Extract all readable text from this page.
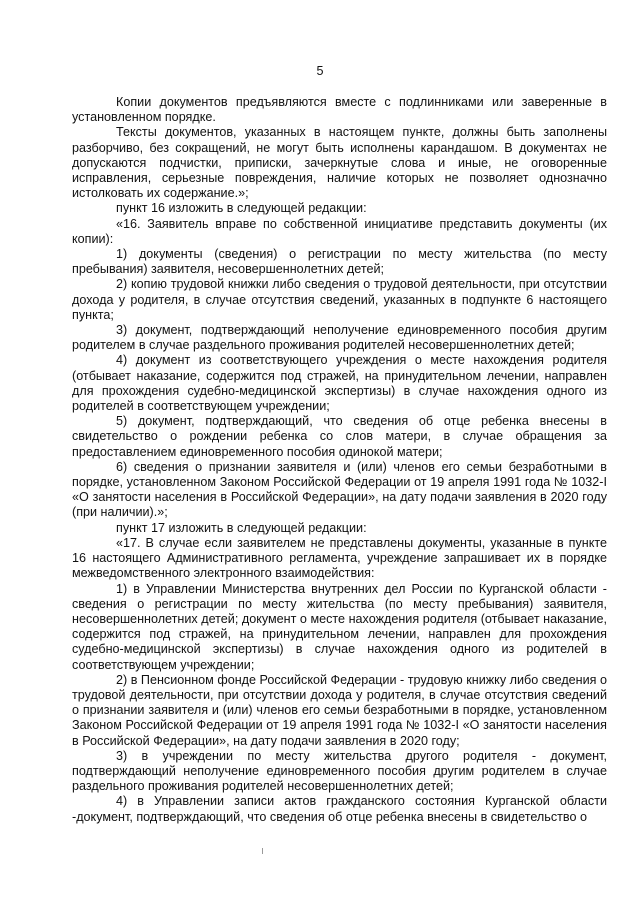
5

Копии документов предъявляются вместе с подлинниками или заверенные в установленном порядке.

Тексты документов, указанных в настоящем пункте, должны быть заполнены разборчиво, без сокращений, не могут быть исполнены карандашом. В документах не допускаются подчистки, приписки, зачеркнутые слова и иные, не оговоренные исправления, серьезные повреждения, наличие которых не позволяет однозначно истолковать их содержание.»;

пункт 16 изложить в следующей редакции:

«16. Заявитель вправе по собственной инициативе представить документы (их копии):

1) документы (сведения) о регистрации по месту жительства (по месту пребывания) заявителя, несовершеннолетних детей;

2) копию трудовой книжки либо сведения о трудовой деятельности, при отсутствии дохода у родителя, в случае отсутствия сведений, указанных в подпункте 6 настоящего пункта;

3) документ, подтверждающий неполучение единовременного пособия другим родителем в случае раздельного проживания родителей несовершеннолетних детей;

4) документ из соответствующего учреждения о месте нахождения родителя (отбывает наказание, содержится под стражей, на принудительном лечении, направлен для прохождения судебно-медицинской экспертизы) в случае нахождения одного из родителей в соответствующем учреждении;

5) документ, подтверждающий, что сведения об отце ребенка внесены в свидетельство о рождении ребенка со слов матери, в случае обращения за предоставлением единовременного пособия одинокой матери;

6) сведения о признании заявителя и (или) членов его семьи безработными в порядке, установленном Законом Российской Федерации от 19 апреля 1991 года № 1032-I «О занятости населения в Российской Федерации», на дату подачи заявления в 2020 году (при наличии).»;

пункт 17 изложить в следующей редакции:

«17. В случае если заявителем не представлены документы, указанные в пункте 16 настоящего Административного регламента, учреждение запрашивает их в порядке межведомственного электронного взаимодействия:

1) в Управлении Министерства внутренних дел России по Курганской области - сведения о регистрации по месту жительства (по месту пребывания) заявителя, несовершеннолетних детей; документ о месте нахождения родителя (отбывает наказание, содержится под стражей, на принудительном лечении, направлен для прохождения судебно-медицинской экспертизы) в случае нахождения одного из родителей в соответствующем учреждении;

2) в Пенсионном фонде Российской Федерации - трудовую книжку либо сведения о трудовой деятельности, при отсутствии дохода у родителя, в случае отсутствия сведений о признании заявителя и (или) членов его семьи безработными в порядке, установленном Законом Российской Федерации от 19 апреля 1991 года № 1032-I «О занятости населения в Российской Федерации», на дату подачи заявления в 2020 году;

3) в учреждении по месту жительства другого родителя - документ, подтверждающий неполучение единовременного пособия другим родителем в случае раздельного проживания родителей несовершеннолетних детей;

4) в Управлении записи актов гражданского состояния Курганской области -документ, подтверждающий, что сведения об отце ребенка внесены в свидетельство о
